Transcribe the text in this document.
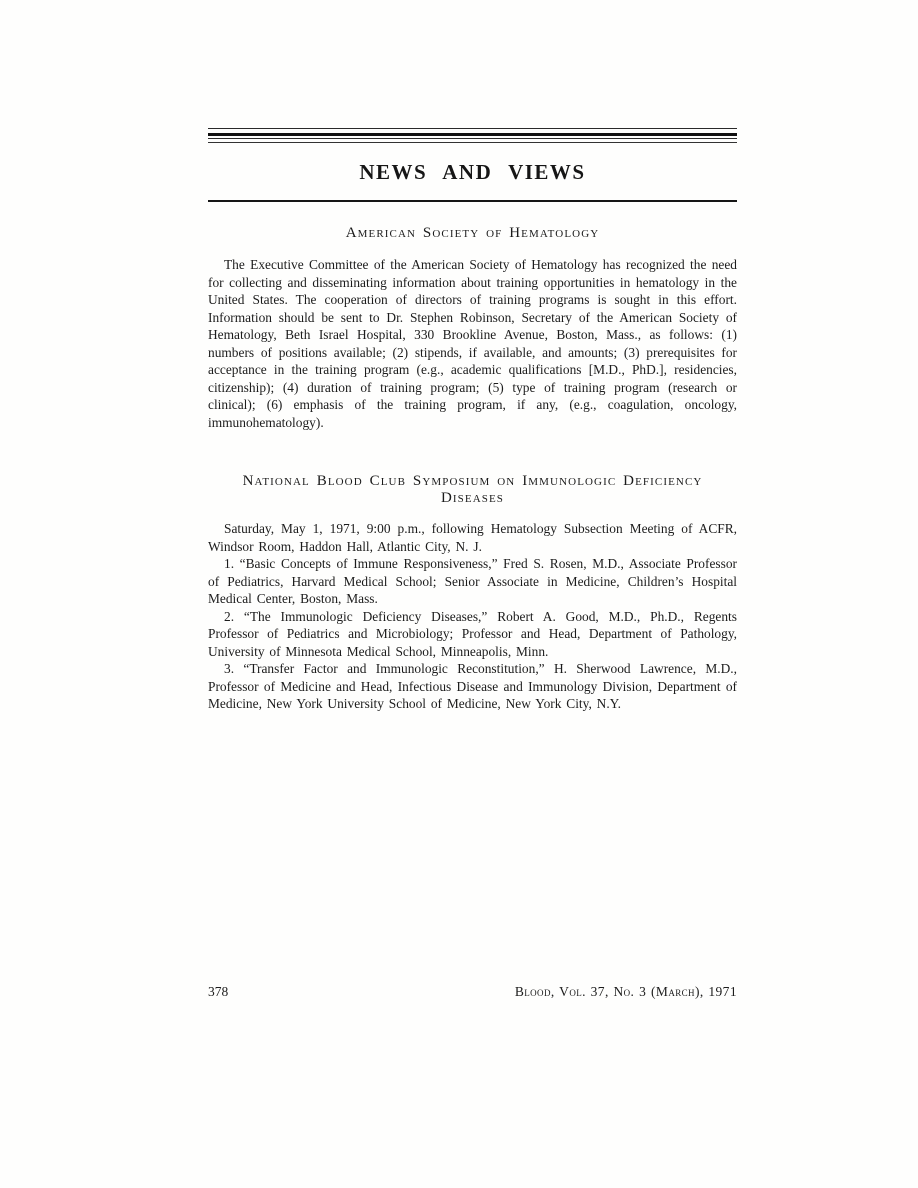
NEWS AND VIEWS
American Society of Hematology

The Executive Committee of the American Society of Hematology has recognized the need for collecting and disseminating information about training opportunities in hematology in the United States. The cooperation of directors of training programs is sought in this effort. Information should be sent to Dr. Stephen Robinson, Secretary of the American Society of Hematology, Beth Israel Hospital, 330 Brookline Avenue, Boston, Mass., as follows: (1) numbers of positions available; (2) stipends, if available, and amounts; (3) prerequisites for acceptance in the training program (e.g., academic qualifications [M.D., PhD.], residencies, citizenship); (4) duration of training program; (5) type of training program (research or clinical); (6) emphasis of the training program, if any, (e.g., coagulation, oncology, immunohematology).

National Blood Club Symposium on Immunologic Deficiency Diseases

Saturday, May 1, 1971, 9:00 p.m., following Hematology Subsection Meeting of ACFR, Windsor Room, Haddon Hall, Atlantic City, N. J.

1. “Basic Concepts of Immune Responsiveness,” Fred S. Rosen, M.D., Associate Professor of Pediatrics, Harvard Medical School; Senior Associate in Medicine, Children’s Hospital Medical Center, Boston, Mass.

2. “The Immunologic Deficiency Diseases,” Robert A. Good, M.D., Ph.D., Regents Professor of Pediatrics and Microbiology; Professor and Head, Department of Pathology, University of Minnesota Medical School, Minneapolis, Minn.

3. “Transfer Factor and Immunologic Reconstitution,” H. Sherwood Lawrence, M.D., Professor of Medicine and Head, Infectious Disease and Immunology Division, Department of Medicine, New York University School of Medicine, New York City, N.Y.

378	Blood, Vol. 37, No. 3 (March), 1971
